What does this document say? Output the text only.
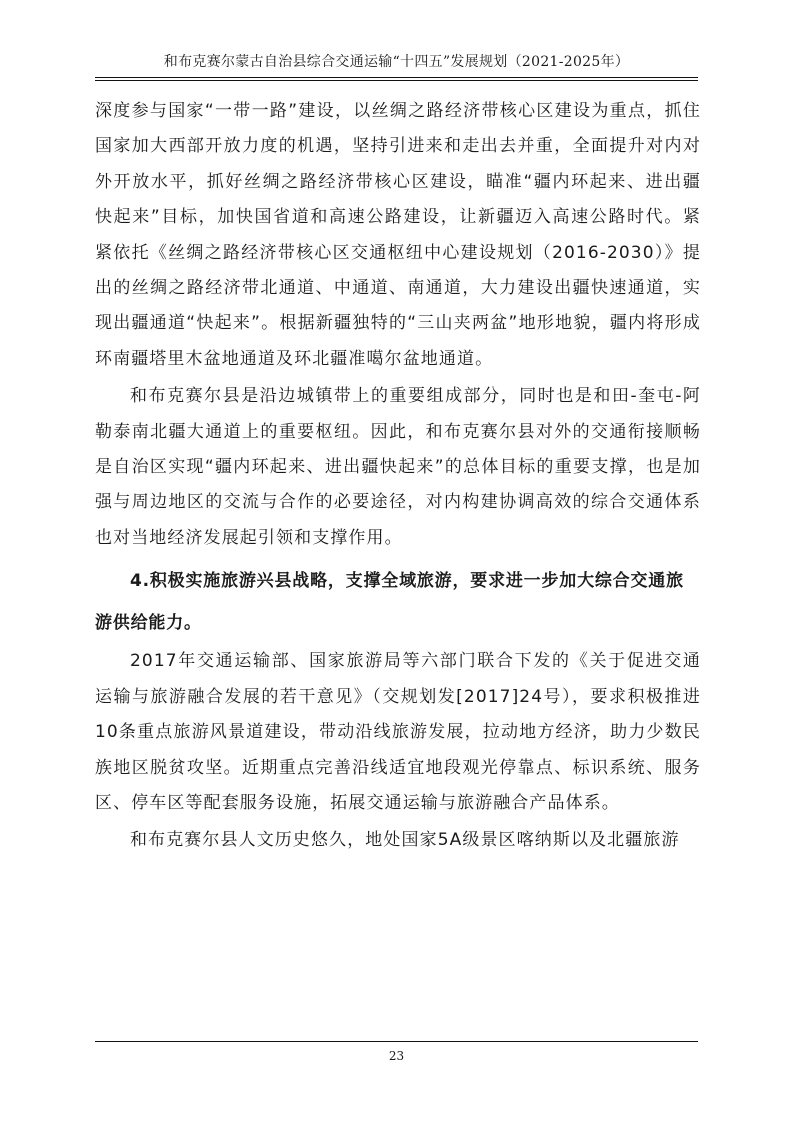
和布克赛尔蒙古自治县综合交通运输“十四五”发展规划（2021-2025年）

深度参与国家“一带一路”建设，以丝绸之路经济带核心区建设为重点，抓住国家加大西部开放力度的机遇，坚持引进来和走出去并重，全面提升对内对外开放水平，抓好丝绸之路经济带核心区建设，瞄准“疆内环起来、进出疆快起来”目标，加快国省道和高速公路建设，让新疆迈入高速公路时代。紧紧依托《丝绸之路经济带核心区交通枢纽中心建设规划（2016-2030）》提出的丝绸之路经济带北通道、中通道、南通道，大力建设出疆快速通道，实现出疆通道“快起来”。根据新疆独特的“三山夹两盆”地形地貌，疆内将形成环南疆塔里木盆地通道及环北疆准噶尔盆地通道。

和布克赛尔县是沿边城镇带上的重要组成部分，同时也是和田-奎屯-阿勒泰南北疆大通道上的重要枢纽。因此，和布克赛尔县对外的交通衔接顺畅是自治区实现“疆内环起来、进出疆快起来”的总体目标的重要支撑，也是加强与周边地区的交流与合作的必要途径，对内构建协调高效的综合交通体系也对当地经济发展起引领和支撑作用。

4.积极实施旅游兴县战略，支撑全域旅游，要求进一步加大综合交通旅游供给能力。

2017年交通运输部、国家旅游局等六部门联合下发的《关于促进交通运输与旅游融合发展的若干意见》（交规划发[2017]24号），要求积极推进10条重点旅游风景道建设，带动沿线旅游发展，拉动地方经济，助力少数民族地区脱贫攻坚。近期重点完善沿线适宜地段观光停靠点、标识系统、服务区、停车区等配套服务设施，拓展交通运输与旅游融合产品体系。

和布克赛尔县人文历史悠久，地处国家5A级景区喀纳斯以及北疆旅游

23
